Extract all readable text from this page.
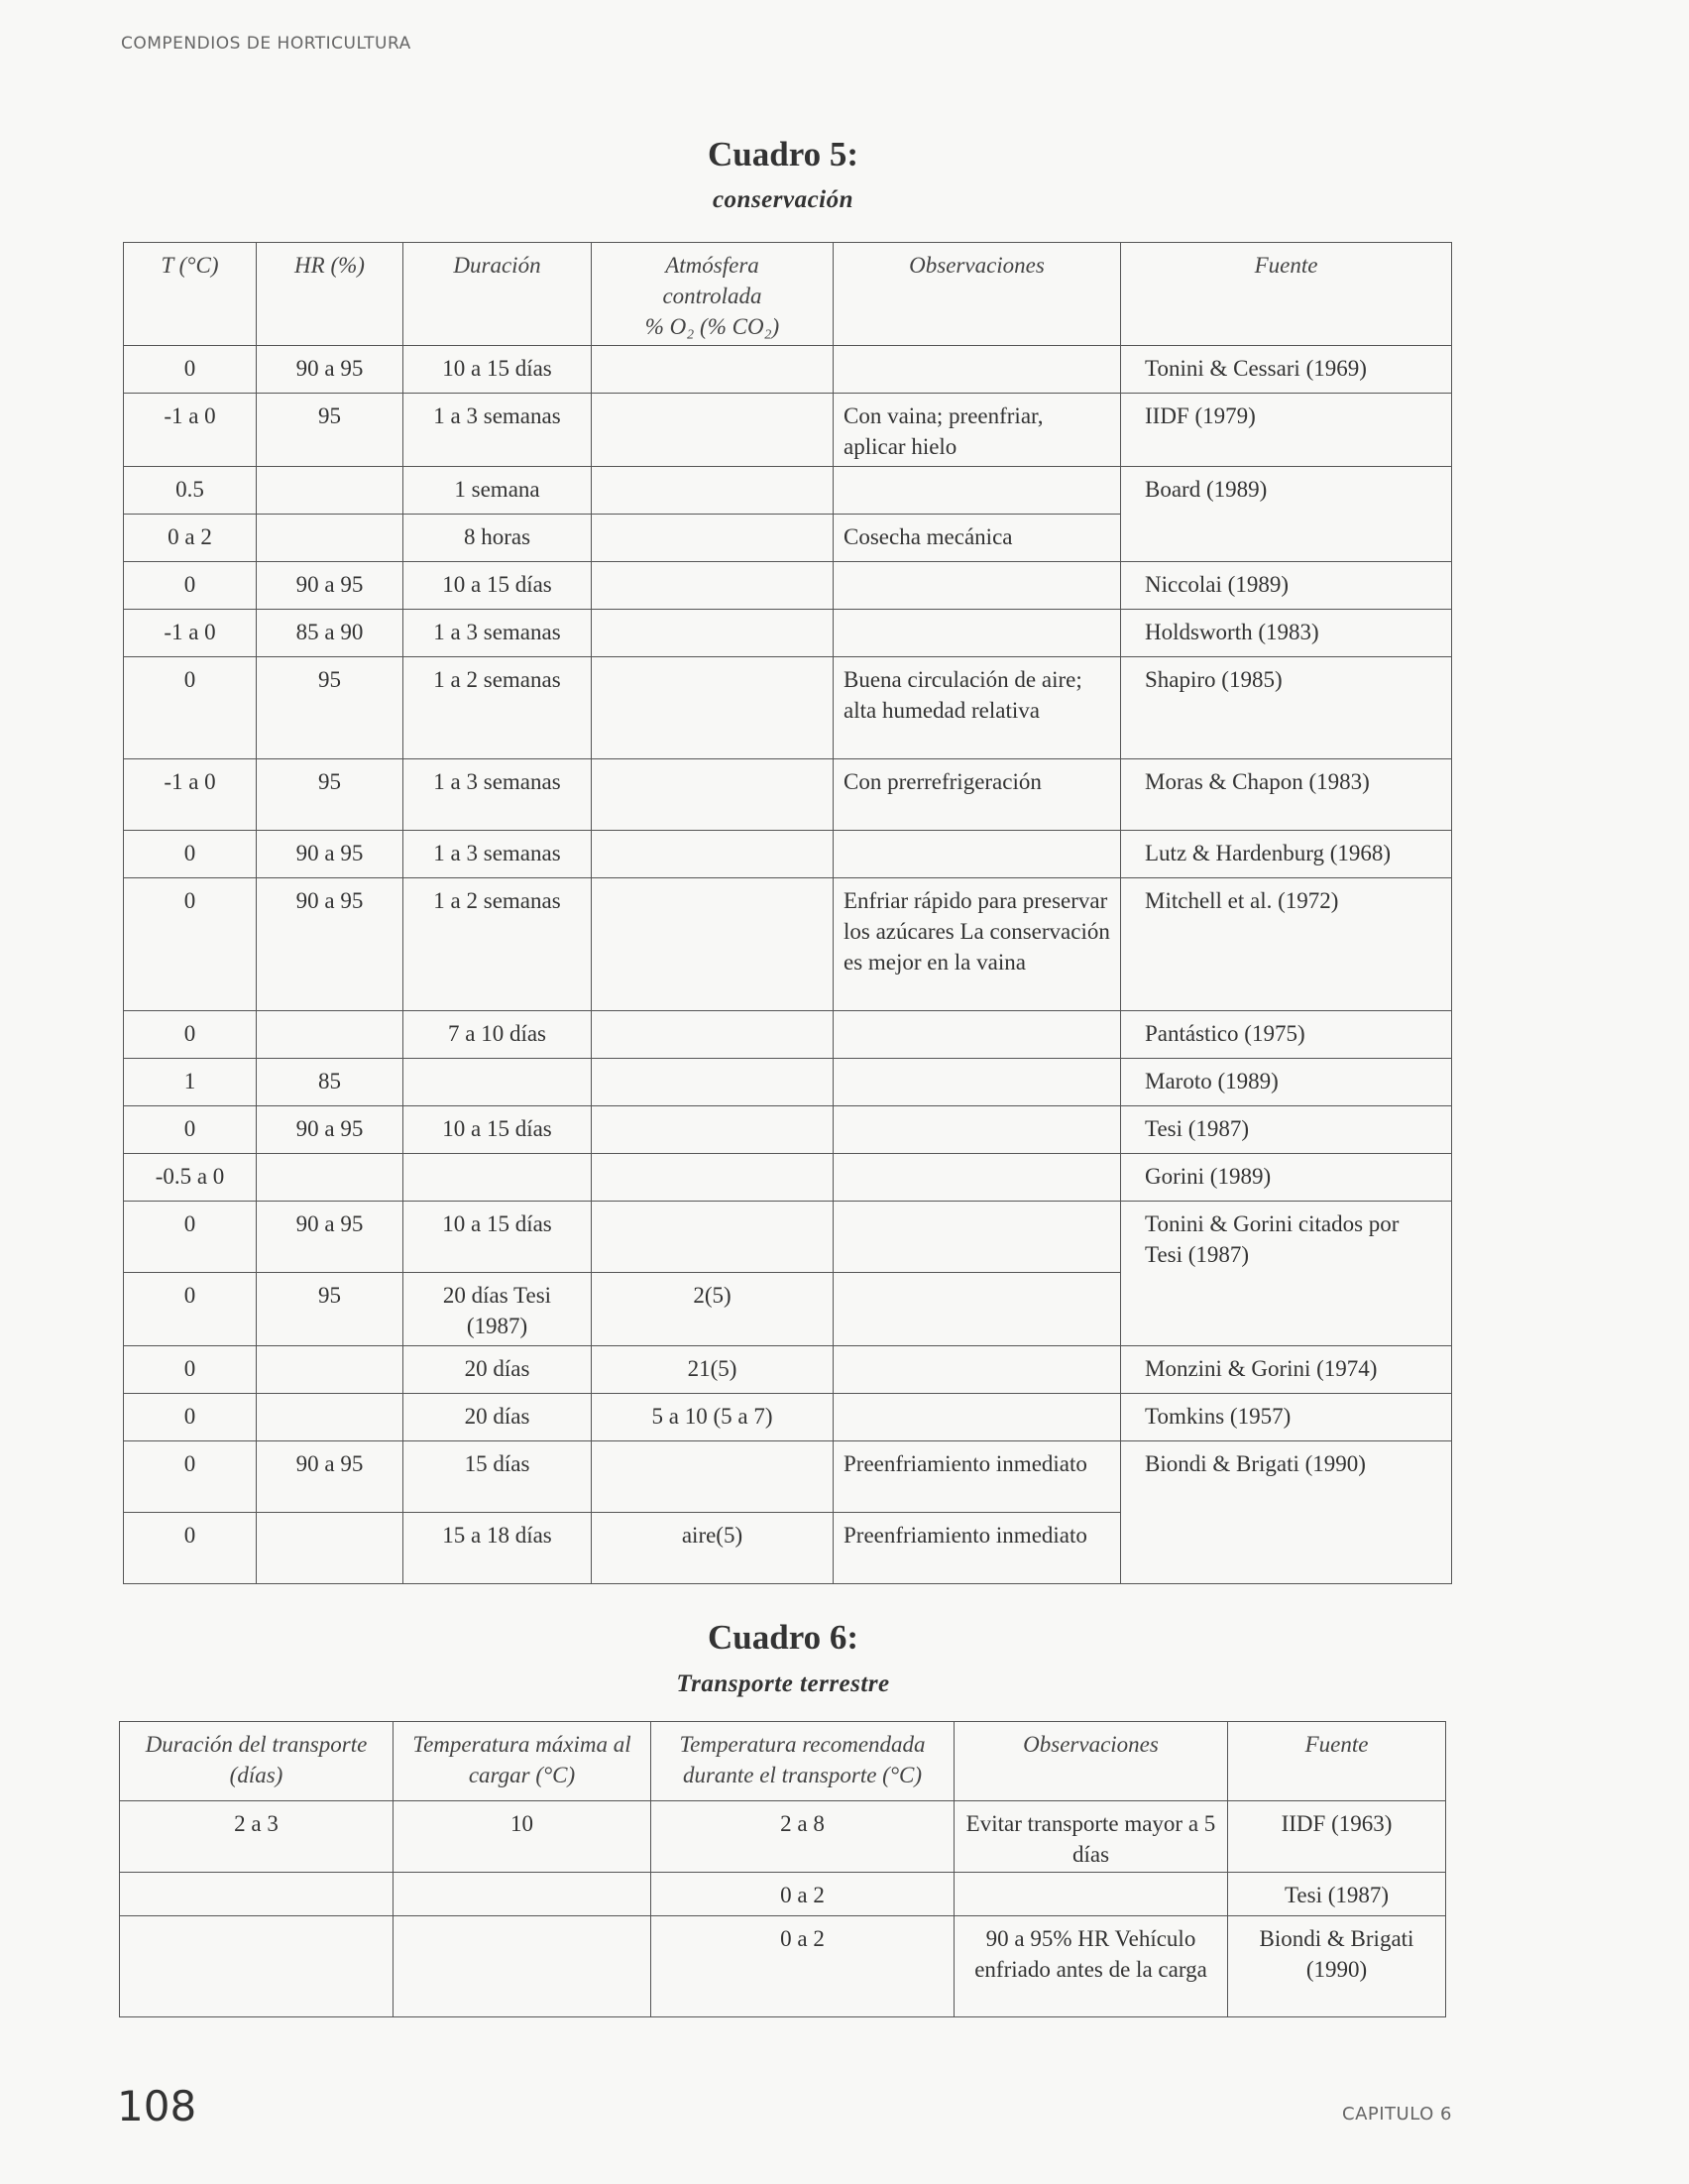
COMPENDIOS DE HORTICULTURA
Cuadro 5:
conservación
T (°C)	HR (%)	Duración	Atmósfera
controlada
% O₂ (% CO₂)	Observaciones	Fuente
0	90 a 95	10 a 15 días			Tonini & Cessari (1969)
-1 a 0	95	1 a 3 semanas		Con vaina; preenfriar, aplicar hielo	IIDF (1979)
0.5		1 semana			Board (1989)
0 a 2		8 horas		Cosecha mecánica	
0	90 a 95	10 a 15 días			Niccolai (1989)
-1 a 0	85 a 90	1 a 3 semanas			Holdsworth (1983)
0	95	1 a 2 semanas		Buena circulación de aire; alta humedad relativa	Shapiro (1985)
-1 a 0	95	1 a 3 semanas		Con prerrefrigeración	Moras & Chapon (1983)
0	90 a 95	1 a 3 semanas			Lutz & Hardenburg (1968)
0	90 a 95	1 a 2 semanas		Enfriar rápido para preservar los azúcares La conservación es mejor en la vaina	Mitchell et al. (1972)
0		7 a 10 días			Pantástico (1975)
1	85				Maroto (1989)
0	90 a 95	10 a 15 días			Tesi (1987)
-0.5 a 0					Gorini (1989)
0	90 a 95	10 a 15 días			Tonini & Gorini citados por Tesi (1987)
0	95	20 días Tesi (1987)	2(5)		
0		20 días	21(5)		Monzini & Gorini (1974)
0		20 días	5 a 10 (5 a 7)		Tomkins (1957)
0	90 a 95	15 días		Preenfriamiento inmediato	Biondi & Brigati (1990)
0		15 a 18 días	aire(5)	Preenfriamiento inmediato	
Cuadro 6:
Transporte terrestre
Duración del transporte (días)	Temperatura máxima al cargar (°C)	Temperatura recomendada durante el transporte (°C)	Observaciones	Fuente
2 a 3	10	2 a 8	Evitar transporte mayor a 5 días	IIDF (1963)
		0 a 2		Tesi (1987)
		0 a 2	90 a 95% HR Vehículo enfriado antes de la carga	Biondi & Brigati (1990)
108	CAPITULO 6
